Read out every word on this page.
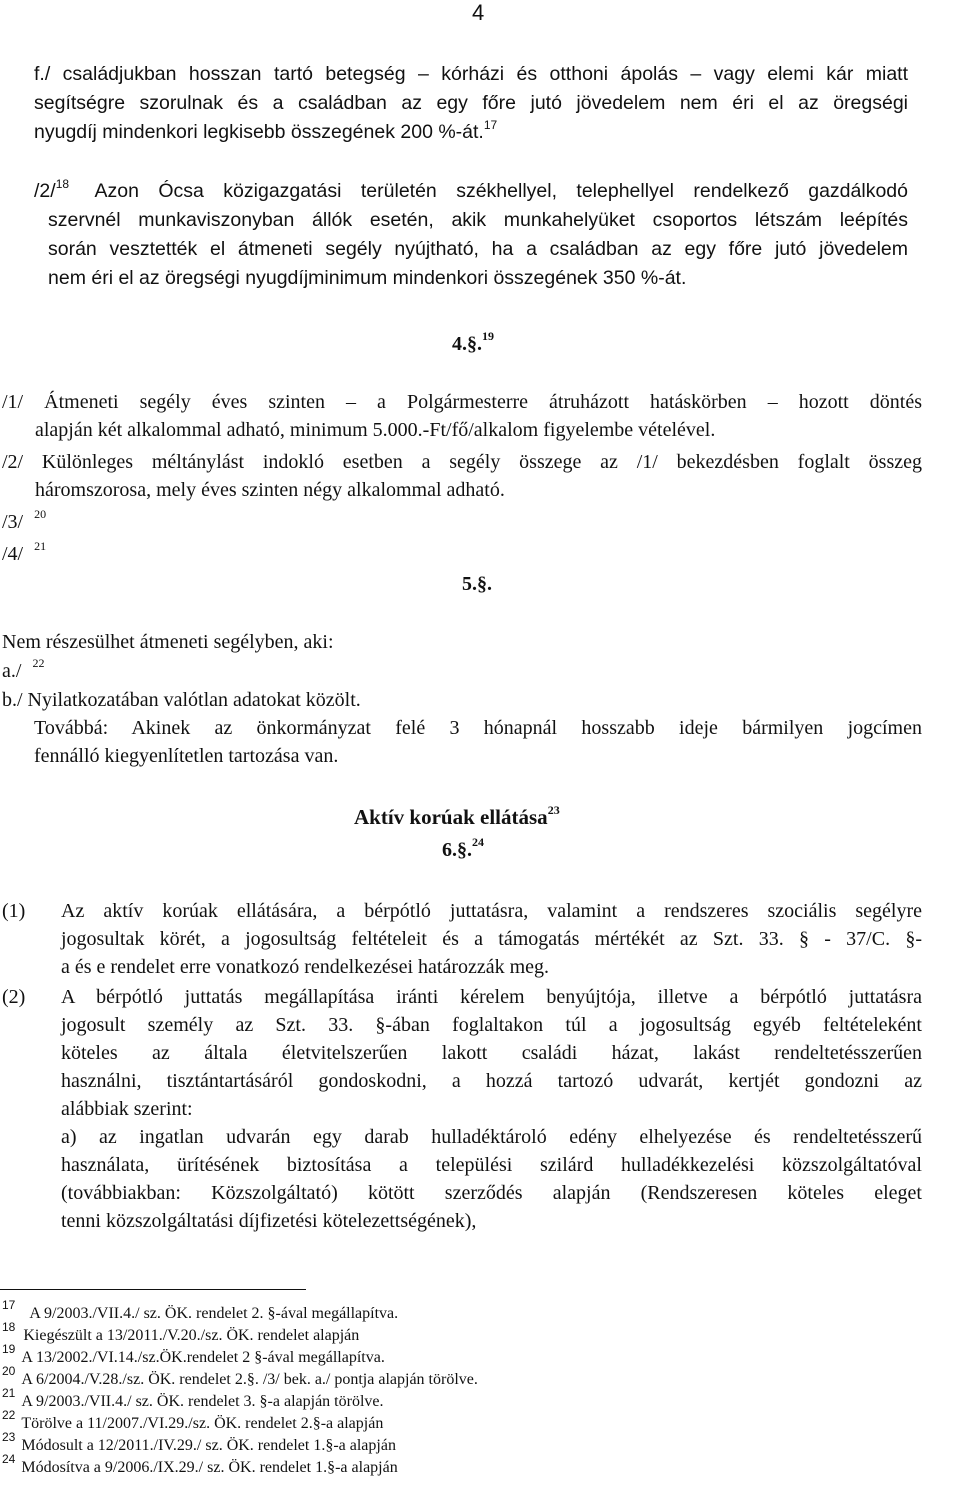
4
f./ családjukban hosszan tartó betegség – kórházi és otthoni ápolás – vagy elemi kár miatt
segítségre szorulnak és a családban az egy főre jutó jövedelem nem éri el az öregségi
nyugdíj mindenkori legkisebb összegének 200 %-át.$^{17}$
/2/$^{18}$ Azon Ócsa közigazgatási területén székhellyel, telephellyel rendelkező gazdálkodó
szervnél munkaviszonyban állók esetén, akik munkahelyüket csoportos létszám leépítés
során vesztették el átmeneti segély nyújtható, ha a családban az egy főre jutó jövedelem
nem éri el az öregségi nyugdíjminimum mindenkori összegének 350 %-át.
4.§.$^{19}$
/1/ Átmeneti segély éves szinten – a Polgármesterre átruházott hatáskörben – hozott döntés
alapján két alkalommal adható, minimum 5.000.-Ft/fő/alkalom figyelembe vételével.
/2/ Különleges méltánylást indokló esetben a segély összege az /1/ bekezdésben foglalt összeg
háromszorosa, mely éves szinten négy alkalommal adható.
/3/ $^{20}$
/4/ $^{21}$
5.§.
Nem részesülhet átmeneti segélyben, aki:
a./ $^{22}$
b./ Nyilatkozatában valótlan adatokat közölt.
Továbbá: Akinek az önkormányzat felé 3 hónapnál hosszabb ideje bármilyen jogcímen
fennálló kiegyenlítetlen tartozása van.
Aktív korúak ellátása$^{23}$
6.§.$^{24}$
(1) Az aktív korúak ellátására, a bérpótló juttatásra, valamint a rendszeres szociális segélyre
jogosultak körét, a jogosultság feltételeit és a támogatás mértékét az Szt. 33. § - 37/C. §-
a és e rendelet erre vonatkozó rendelkezései határozzák meg.
(2) A bérpótló juttatás megállapítása iránti kérelem benyújtója, illetve a bérpótló juttatásra
jogosult személy az Szt. 33. §-ában foglaltakon túl a jogosultság egyéb feltételeként
köteles az általa életvitelszerűen lakott családi házat, lakást rendeltetésszerűen
használni, tisztántartásáról gondoskodni, a hozzá tartozó udvarát, kertjét gondozni az
alábbiak szerint:
a) az ingatlan udvarán egy darab hulladéktároló edény elhelyezése és rendeltetésszerű
használata, ürítésének biztosítása a települési szilárd hulladékkezelési közszolgáltatóval
(továbbiakban: Közszolgáltató) kötött szerződés alapján (Rendszeresen köteles eleget
tenni közszolgáltatási díjfizetési kötelezettségének),
$^{17}$A 9/2003./VII.4./ sz. ÖK. rendelet 2. §-ával megállapítva.
$^{18}$Kiegészült a 13/2011./V.20./sz. ÖK. rendelet alapján
$^{19}$A 13/2002./VI.14./sz.ÖK.rendelet 2 §-ával megállapítva.
$^{20}$A 6/2004./V.28./sz. ÖK. rendelet 2.§. /3/ bek. a./ pontja alapján törölve.
$^{21}$A 9/2003./VII.4./ sz. ÖK. rendelet 3. §-a alapján törölve.
$^{22}$Törölve a 11/2007./VI.29./sz. ÖK. rendelet 2.§-a alapján
$^{23}$Módosult a 12/2011./IV.29./ sz. ÖK. rendelet 1.§-a alapján
$^{24}$Módosítva a 9/2006./IX.29./ sz. ÖK. rendelet 1.§-a alapján
